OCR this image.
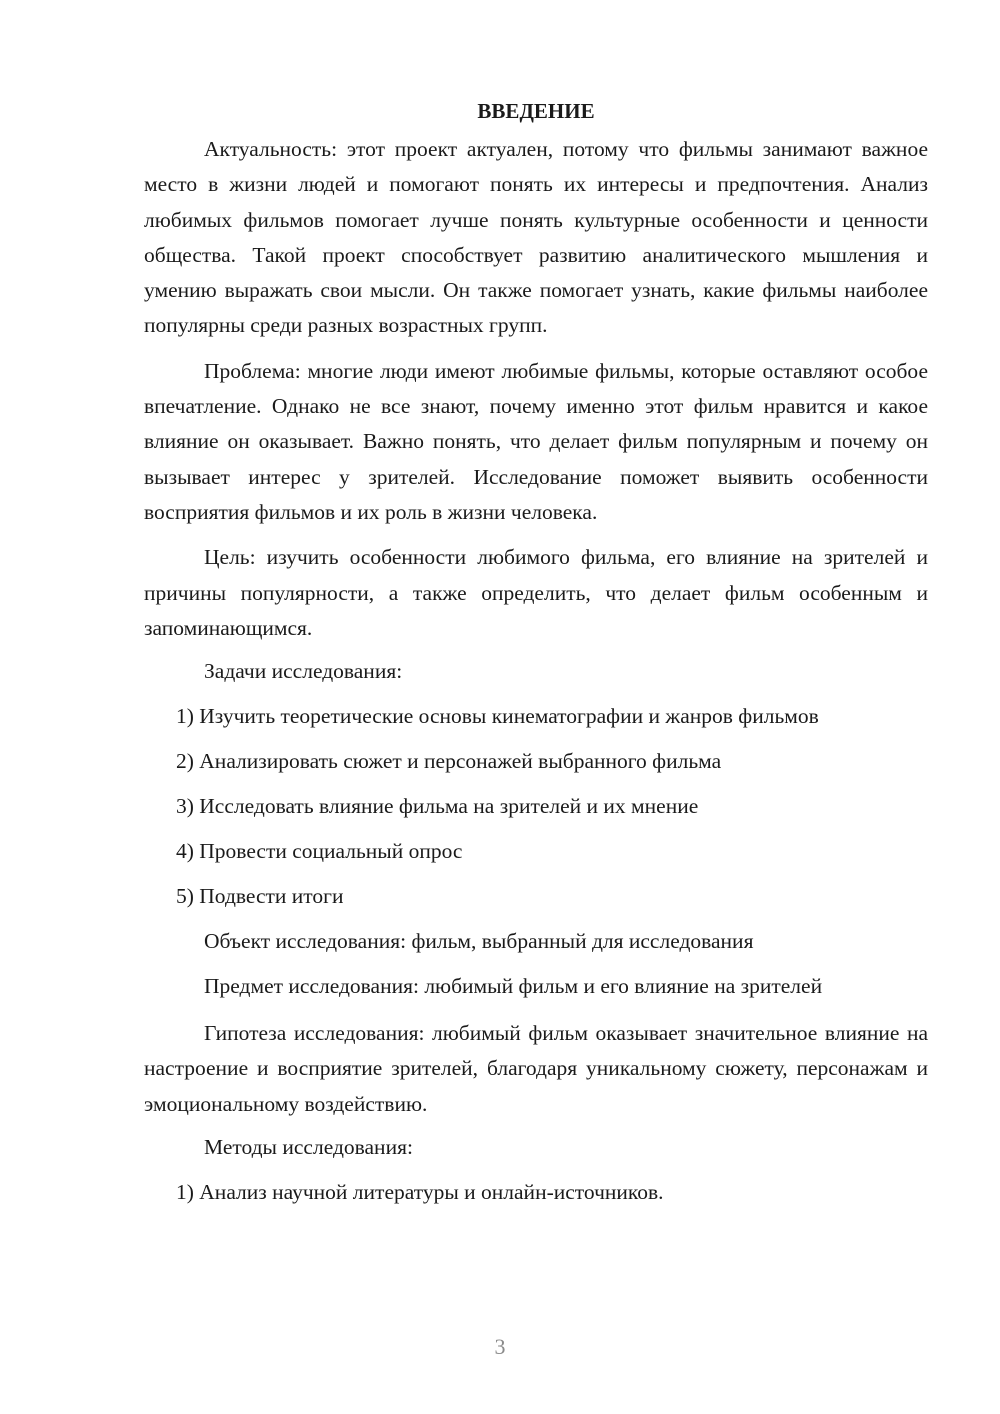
ВВЕДЕНИЕ

Актуальность: этот проект актуален, потому что фильмы занимают важное место в жизни людей и помогают понять их интересы и предпочтения. Анализ любимых фильмов помогает лучше понять культурные особенности и ценности общества. Такой проект способствует развитию аналитического мышления и умению выражать свои мысли. Он также помогает узнать, какие фильмы наиболее популярны среди разных возрастных групп.

Проблема: многие люди имеют любимые фильмы, которые оставляют особое впечатление. Однако не все знают, почему именно этот фильм нравится и какое влияние он оказывает. Важно понять, что делает фильм популярным и почему он вызывает интерес у зрителей. Исследование поможет выявить особенности восприятия фильмов и их роль в жизни человека.

Цель: изучить особенности любимого фильма, его влияние на зрителей и причины популярности, а также определить, что делает фильм особенным и запоминающимся.

Задачи исследования:
1) Изучить теоретические основы кинематографии и жанров фильмов
2) Анализировать сюжет и персонажей выбранного фильма
3) Исследовать влияние фильма на зрителей и их мнение
4) Провести социальный опрос
5) Подвести итоги
Объект исследования: фильм, выбранный для исследования
Предмет исследования: любимый фильм и его влияние на зрителей

Гипотеза исследования: любимый фильм оказывает значительное влияние на настроение и восприятие зрителей, благодаря уникальному сюжету, персонажам и эмоциональному воздействию.

Методы исследования:
1) Анализ научной литературы и онлайн-источников.
3
